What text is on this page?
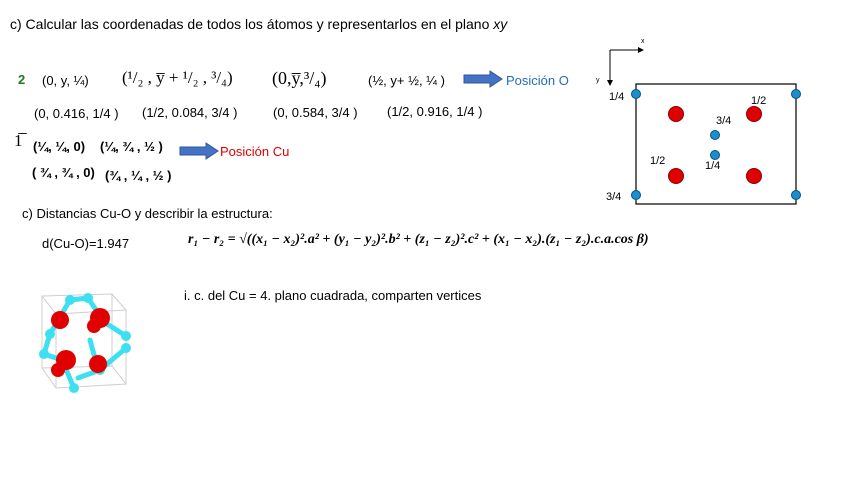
c) Calcular las coordenadas de todos los átomos y representarlos en el plano xy
2 (0, y, ¼) (¹/₂ , y̅ + ¹/₂ , ³/₄) (0,y̅,³/₄)	(½, y+ ½, ¼ )	Posición O
(0, 0.416, 1/4 ) (1/2, 0.084, 3/4 )	(0, 0.584, 3/4 ) (1/2, 0.916, 1/4 )
1̅ (¼, ¼, 0) (¼, ¾ , ½ )	Posición Cu
( ¾ , ¾ , 0) (¾ , ¼ , ½ )
c) Distancias Cu-O y describir la estructura:
d(Cu-O)=1.947	r₁ − r₂ = √((x₁ − x₂)².a² + (y₁ − y₂)².b² + (z₁ − z₂)².c² + (x₁ − x₂).(z₁ − z₂).c.a.cos β)
i. c. del Cu = 4. plano cuadrada, comparten vertices
x
y
1/4	1/2
3/4
1/2	1/4
3/4
